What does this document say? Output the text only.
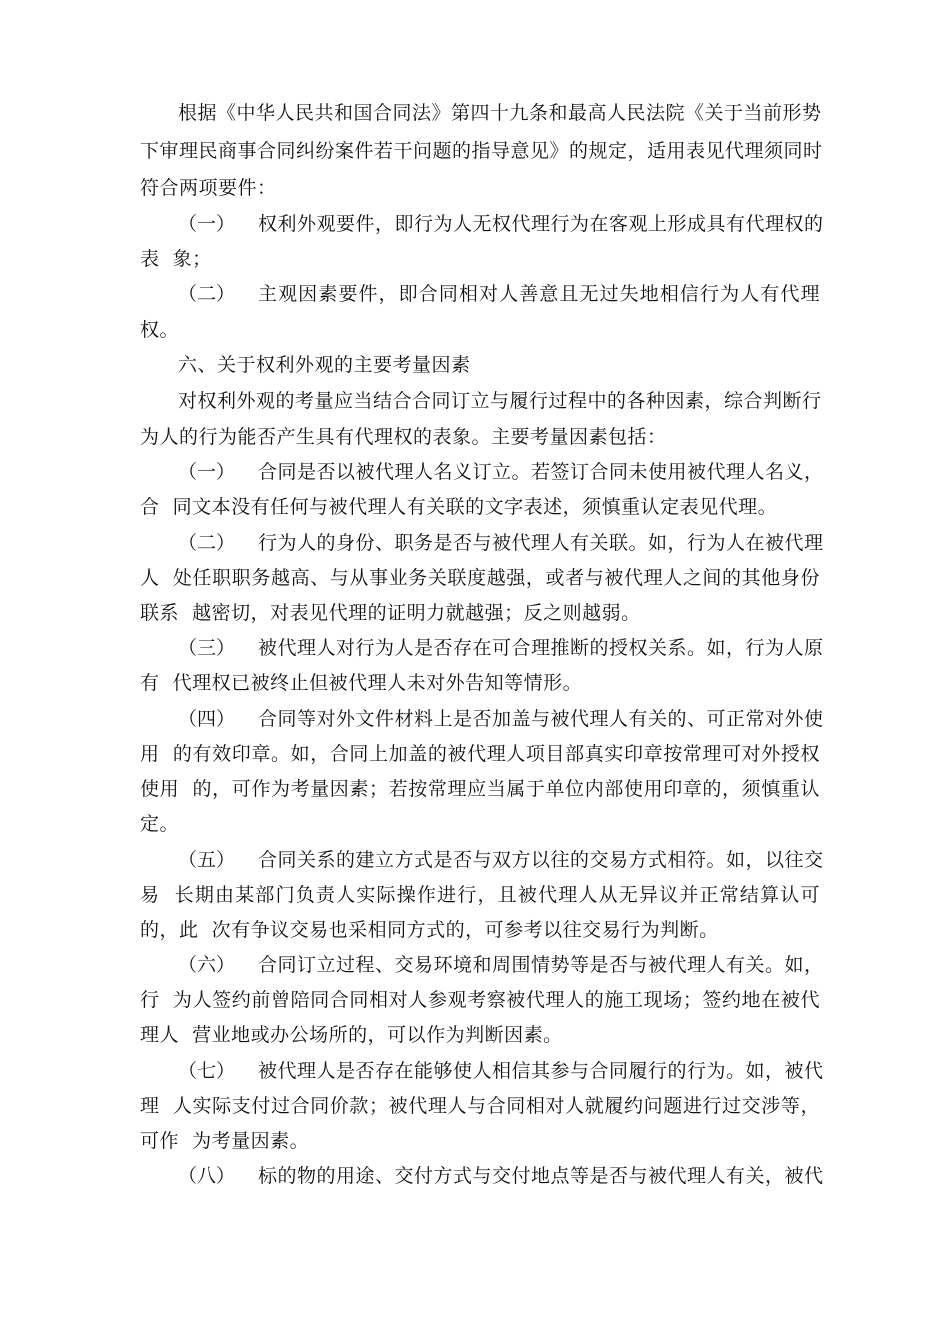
根据《中华人民共和国合同法》第四十九条和最高人民法院《关于当前形势
下审理民商事合同纠纷案件若干问题的指导意见》的规定，适用表见代理须同时
符合两项要件：
（一） 权利外观要件，即行为人无权代理行为在客观上形成具有代理权的
表  象；
（二） 主观因素要件，即合同相对人善意且无过失地相信行为人有代理
权。
六、关于权利外观的主要考量因素
对权利外观的考量应当结合合同订立与履行过程中的各种因素，综合判断行
为人的行为能否产生具有代理权的表象。主要考量因素包括：
（一） 合同是否以被代理人名义订立。若签订合同未使用被代理人名义，
合  同文本没有任何与被代理人有关联的文字表述，须慎重认定表见代理。
（二） 行为人的身份、职务是否与被代理人有关联。如，行为人在被代理
人  处任职职务越高、与从事业务关联度越强，或者与被代理人之间的其他身份
联系  越密切，对表见代理的证明力就越强；反之则越弱。
（三） 被代理人对行为人是否存在可合理推断的授权关系。如，行为人原
有  代理权已被终止但被代理人未对外告知等情形。
（四） 合同等对外文件材料上是否加盖与被代理人有关的、可正常对外使
用  的有效印章。如，合同上加盖的被代理人项目部真实印章按常理可对外授权
使用  的，可作为考量因素；若按常理应当属于单位内部使用印章的，须慎重认
定。
（五） 合同关系的建立方式是否与双方以往的交易方式相符。如，以往交
易  长期由某部门负责人实际操作进行，且被代理人从无异议并正常结算认可
的，此  次有争议交易也采相同方式的，可参考以往交易行为判断。
（六） 合同订立过程、交易环境和周围情势等是否与被代理人有关。如，
行  为人签约前曾陪同合同相对人参观考察被代理人的施工现场；签约地在被代
理人  营业地或办公场所的，可以作为判断因素。
（七） 被代理人是否存在能够使人相信其参与合同履行的行为。如，被代
理  人实际支付过合同价款；被代理人与合同相对人就履约问题进行过交涉等，
可作  为考量因素。
（八） 标的物的用途、交付方式与交付地点等是否与被代理人有关，被代
